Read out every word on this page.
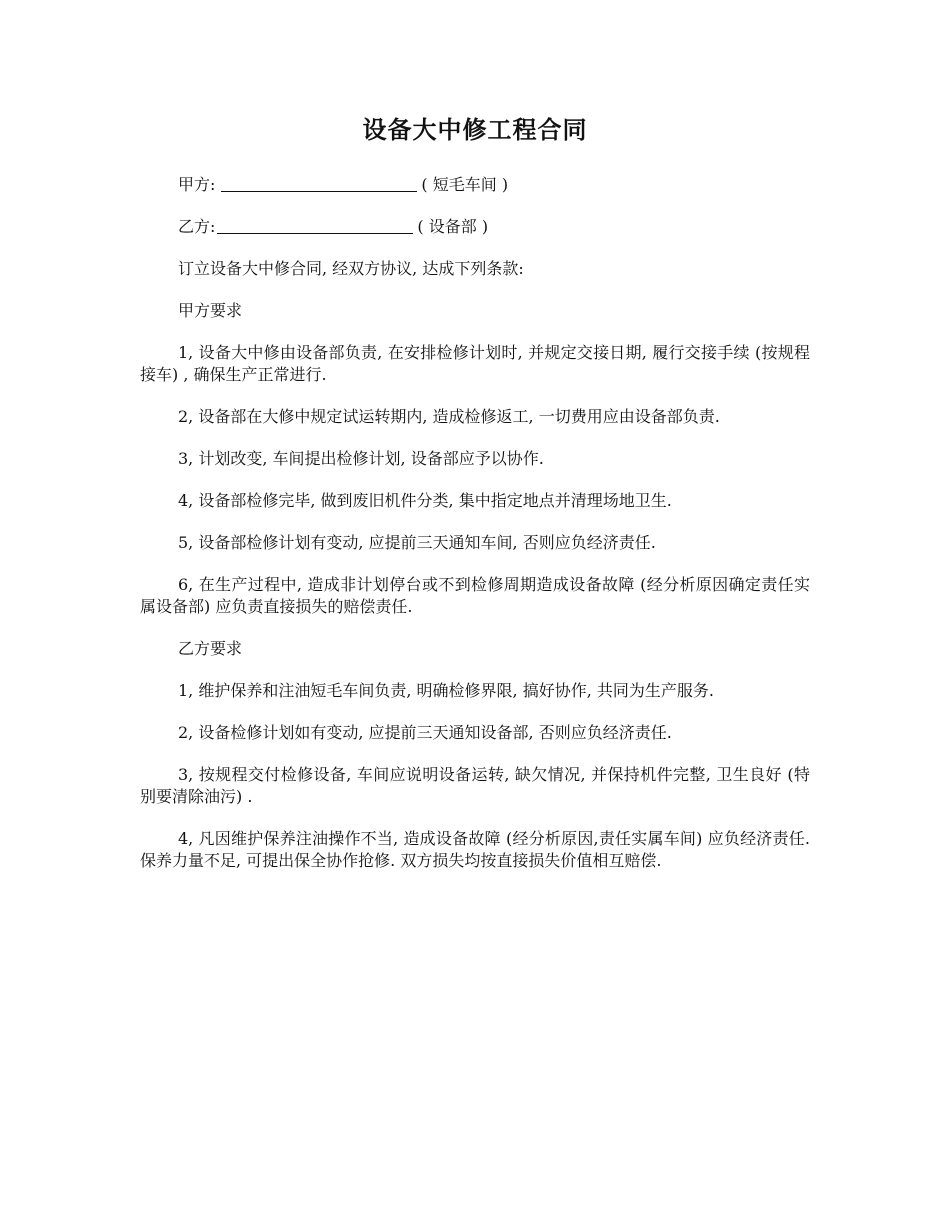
设备大中修工程合同
甲方:	( 短毛车间 )
乙方:	( 设备部 )

订立设备大中修合同, 经双方协议, 达成下列条款:

甲方要求

1, 设备大中修由设备部负责, 在安排检修计划时, 并规定交接日期, 履行交接手续 (按规程接车) , 确保生产正常进行.

2, 设备部在大修中规定试运转期内, 造成检修返工, 一切费用应由设备部负责.

3, 计划改变, 车间提出检修计划, 设备部应予以协作.

4, 设备部检修完毕, 做到废旧机件分类, 集中指定地点并清理场地卫生.

5, 设备部检修计划有变动, 应提前三天通知车间, 否则应负经济责任.

6, 在生产过程中, 造成非计划停台或不到检修周期造成设备故障 (经分析原因确定责任实属设备部) 应负责直接损失的赔偿责任.

乙方要求

1, 维护保养和注油短毛车间负责, 明确检修界限, 搞好协作, 共同为生产服务.

2, 设备检修计划如有变动, 应提前三天通知设备部, 否则应负经济责任.

3, 按规程交付检修设备, 车间应说明设备运转, 缺欠情况, 并保持机件完整, 卫生良好 (特别要清除油污) .

4, 凡因维护保养注油操作不当, 造成设备故障 (经分析原因,责任实属车间) 应负经济责任.保养力量不足, 可提出保全协作抢修. 双方损失均按直接损失价值相互赔偿.
